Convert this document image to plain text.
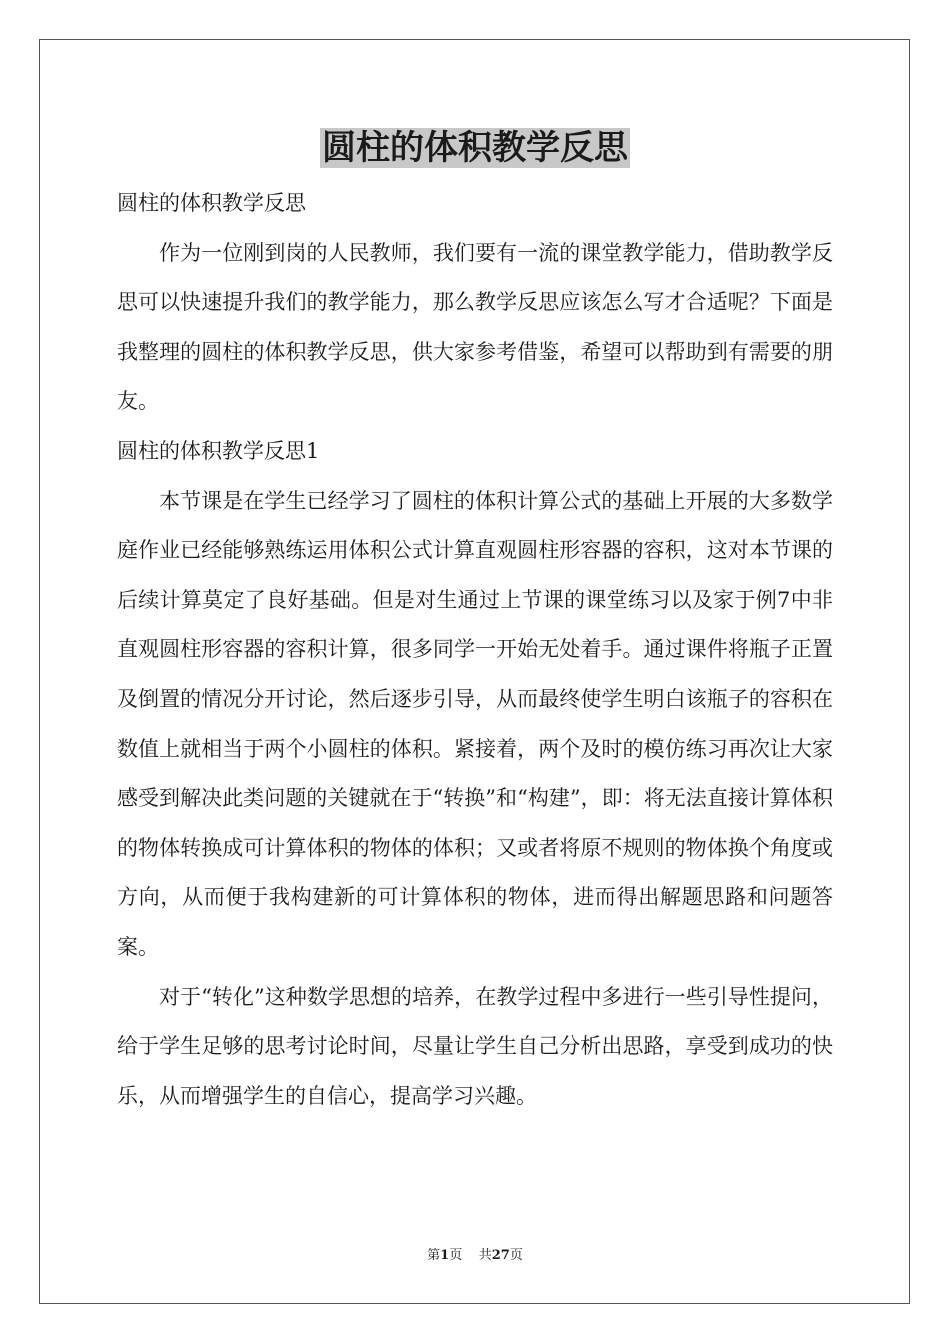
圆柱的体积教学反思

圆柱的体积教学反思

作为一位刚到岗的人民教师，我们要有一流的课堂教学能力，借助教学反思可以快速提升我们的教学能力，那么教学反思应该怎么写才合适呢？下面是我整理的圆柱的体积教学反思，供大家参考借鉴，希望可以帮助到有需要的朋友。

圆柱的体积教学反思1

本节课是在学生已经学习了圆柱的体积计算公式的基础上开展的大多数学庭作业已经能够熟练运用体积公式计算直观圆柱形容器的容积，这对本节课的后续计算莫定了良好基础。但是对生通过上节课的课堂练习以及家于例7中非直观圆柱形容器的容积计算，很多同学一开始无处着手。通过课件将瓶子正置及倒置的情况分开讨论，然后逐步引导，从而最终使学生明白该瓶子的容积在数值上就相当于两个小圆柱的体积。紧接着，两个及时的模仿练习再次让大家感受到解决此类问题的关键就在于“转换”和“构建”，即：将无法直接计算体积的物体转换成可计算体积的物体的体积；又或者将原不规则的物体换个角度或方向，从而便于我构建新的可计算体积的物体，进而得出解题思路和问题答案。

对于“转化”这种数学思想的培养，在教学过程中多进行一些引导性提问，给于学生足够的思考讨论时间，尽量让学生自己分析出思路，享受到成功的快乐，从而增强学生的自信心，提高学习兴趣。

第1页 共27页
